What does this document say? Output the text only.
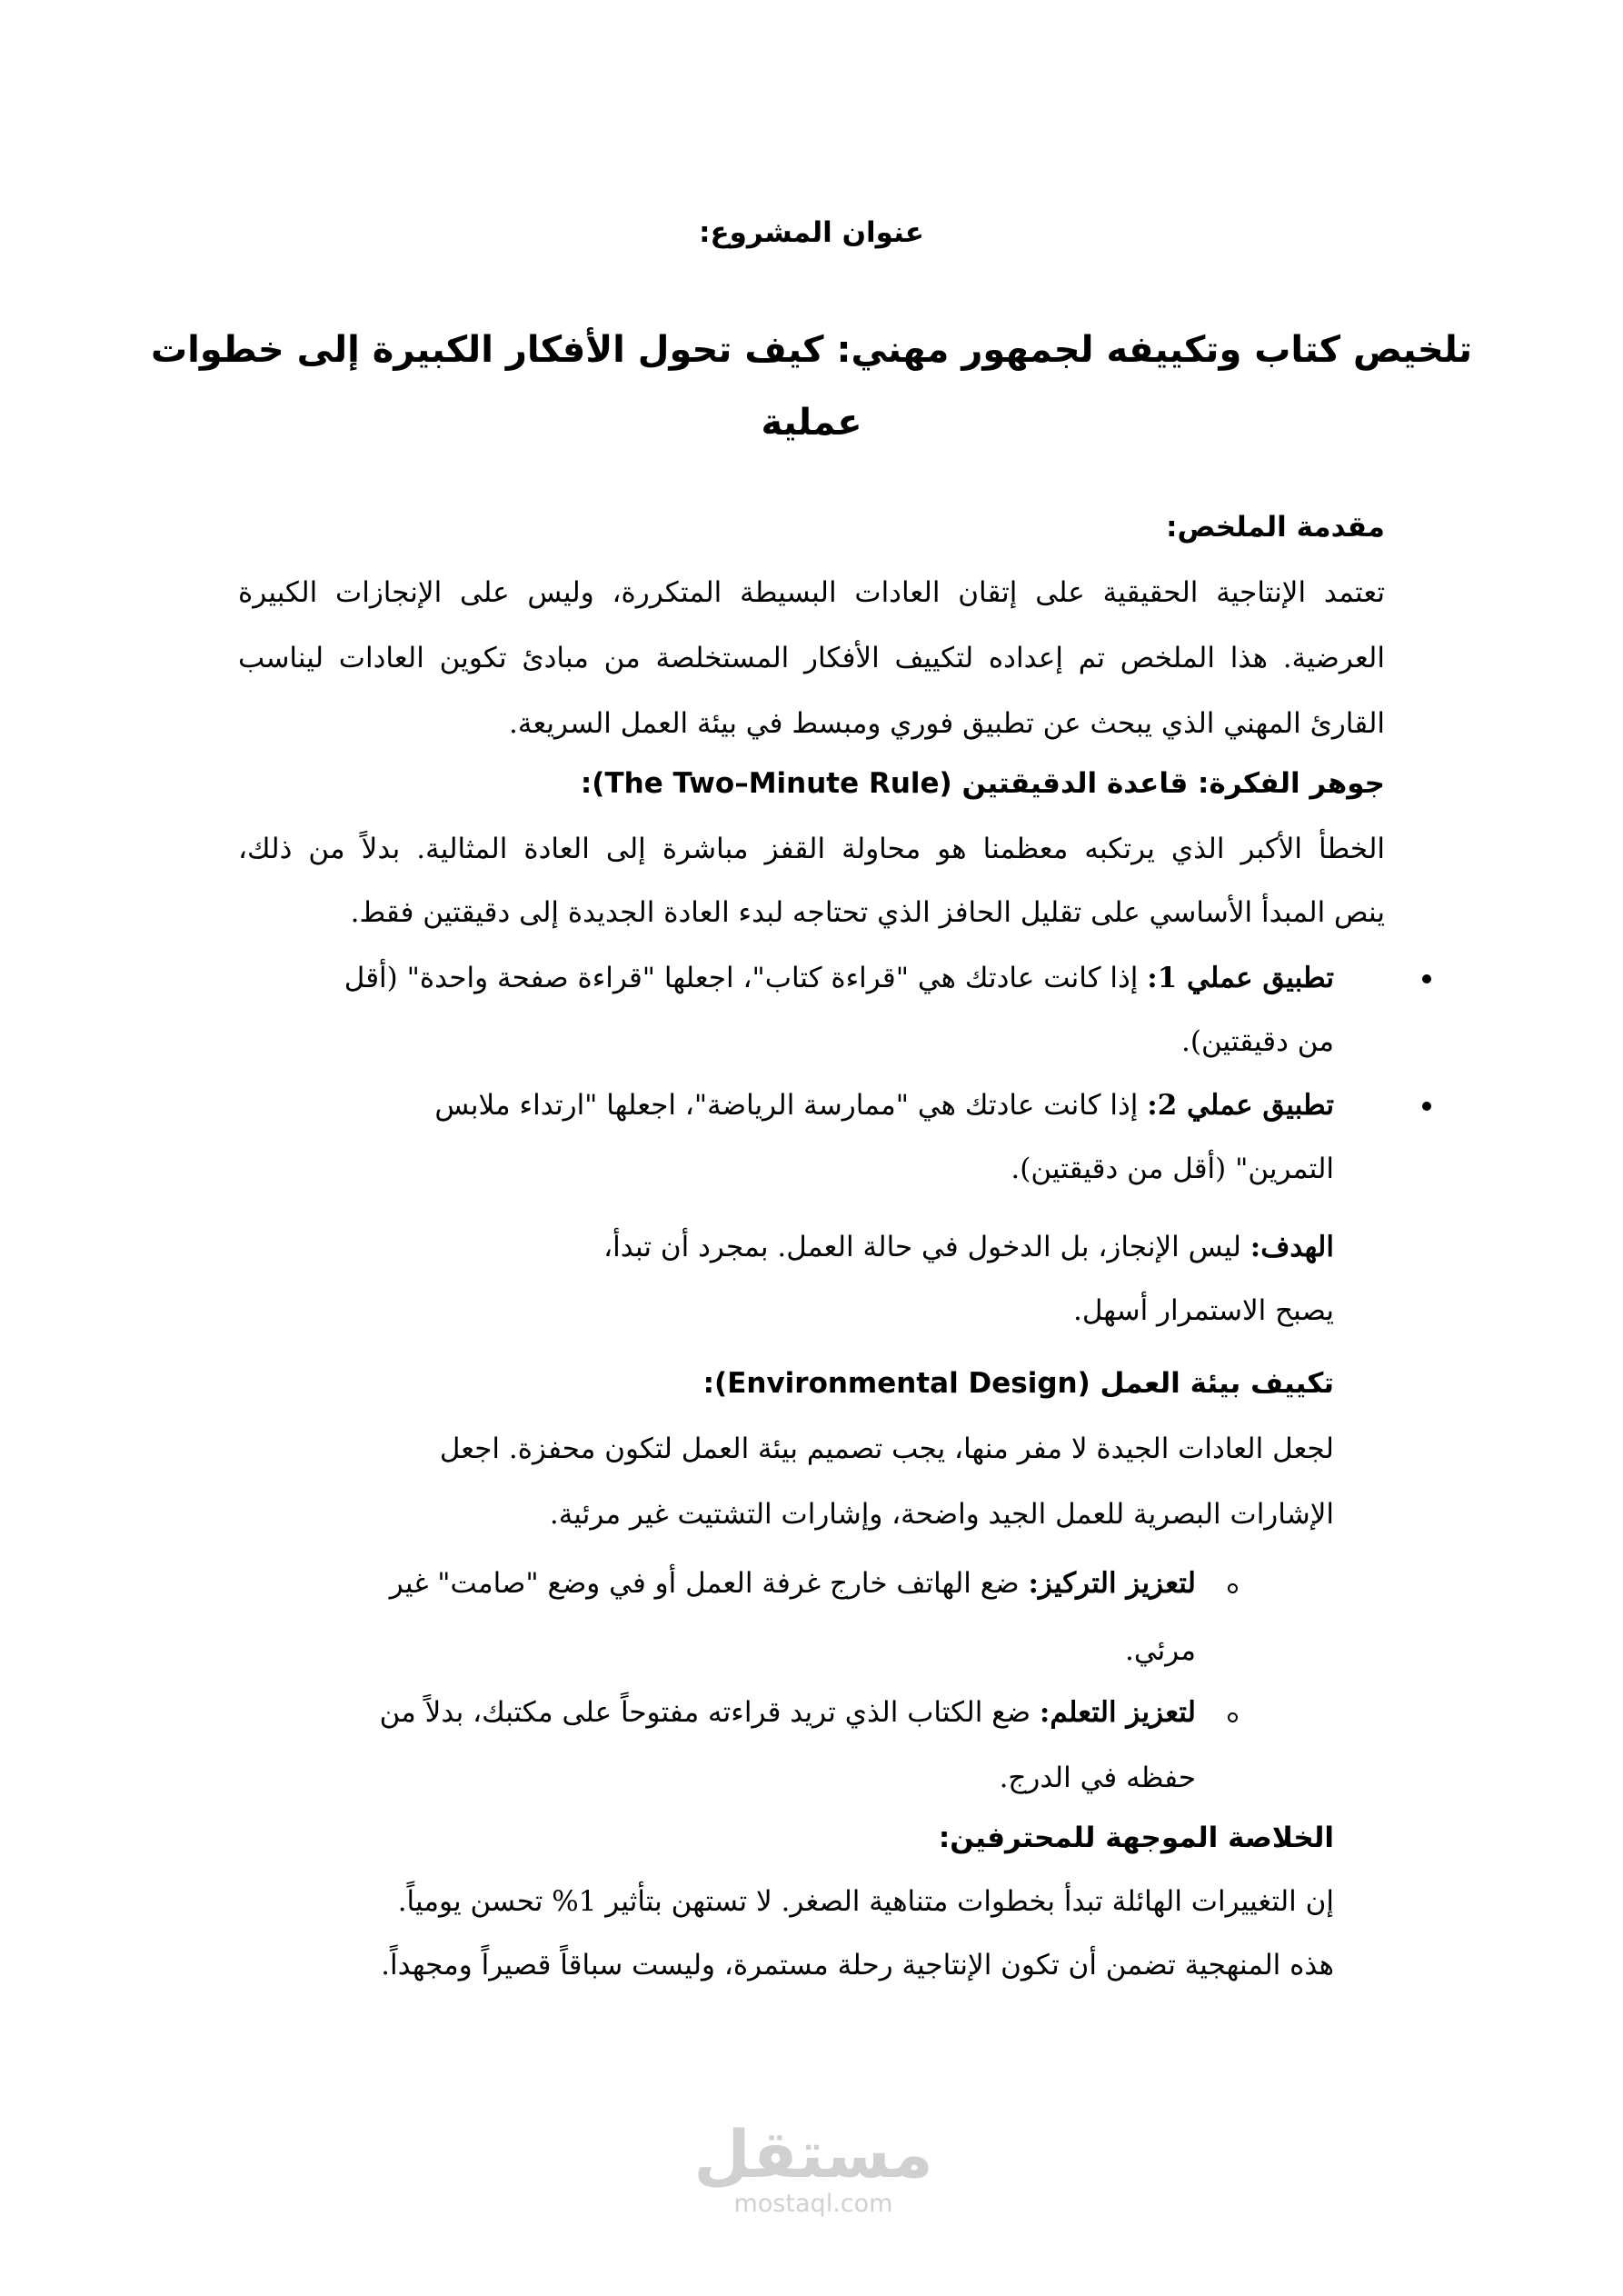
عنوان المشروع:
تلخيص كتاب وتكييفه لجمهور مهني: كيف تحول الأفكار الكبيرة إلى خطوات
عملية
مقدمة الملخص:
تعتمد الإنتاجية الحقيقية على إتقان العادات البسيطة المتكررة، وليس على الإنجازات الكبيرة
العرضية. هذا الملخص تم إعداده لتكييف الأفكار المستخلصة من مبادئ تكوين العادات ليناسب
القارئ المهني الذي يبحث عن تطبيق فوري ومبسط في بيئة العمل السريعة.
جوهر الفكرة: قاعدة الدقيقتين (The Two–Minute Rule):
الخطأ الأكبر الذي يرتكبه معظمنا هو محاولة القفز مباشرة إلى العادة المثالية. بدلاً من ذلك،
ينص المبدأ الأساسي على تقليل الحافز الذي تحتاجه لبدء العادة الجديدة إلى دقيقتين فقط.
تطبيق عملي 1: إذا كانت عادتك هي "قراءة كتاب"، اجعلها "قراءة صفحة واحدة" (أقل
من دقيقتين).
تطبيق عملي 2: إذا كانت عادتك هي "ممارسة الرياضة"، اجعلها "ارتداء ملابس
التمرين" (أقل من دقيقتين).
الهدف: ليس الإنجاز، بل الدخول في حالة العمل. بمجرد أن تبدأ،
يصبح الاستمرار أسهل.
تكييف بيئة العمل (Environmental Design):
لجعل العادات الجيدة لا مفر منها، يجب تصميم بيئة العمل لتكون محفزة. اجعل
الإشارات البصرية للعمل الجيد واضحة، وإشارات التشتيت غير مرئية.
لتعزيز التركيز: ضع الهاتف خارج غرفة العمل أو في وضع "صامت" غير
مرئي.
لتعزيز التعلم: ضع الكتاب الذي تريد قراءته مفتوحاً على مكتبك، بدلاً من
حفظه في الدرج.
الخلاصة الموجهة للمحترفين:
إن التغييرات الهائلة تبدأ بخطوات متناهية الصغر. لا تستهن بتأثير 1% تحسن يومياً.
هذه المنهجية تضمن أن تكون الإنتاجية رحلة مستمرة، وليست سباقاً قصيراً ومجهداً.
مستقل
mostaql.com
